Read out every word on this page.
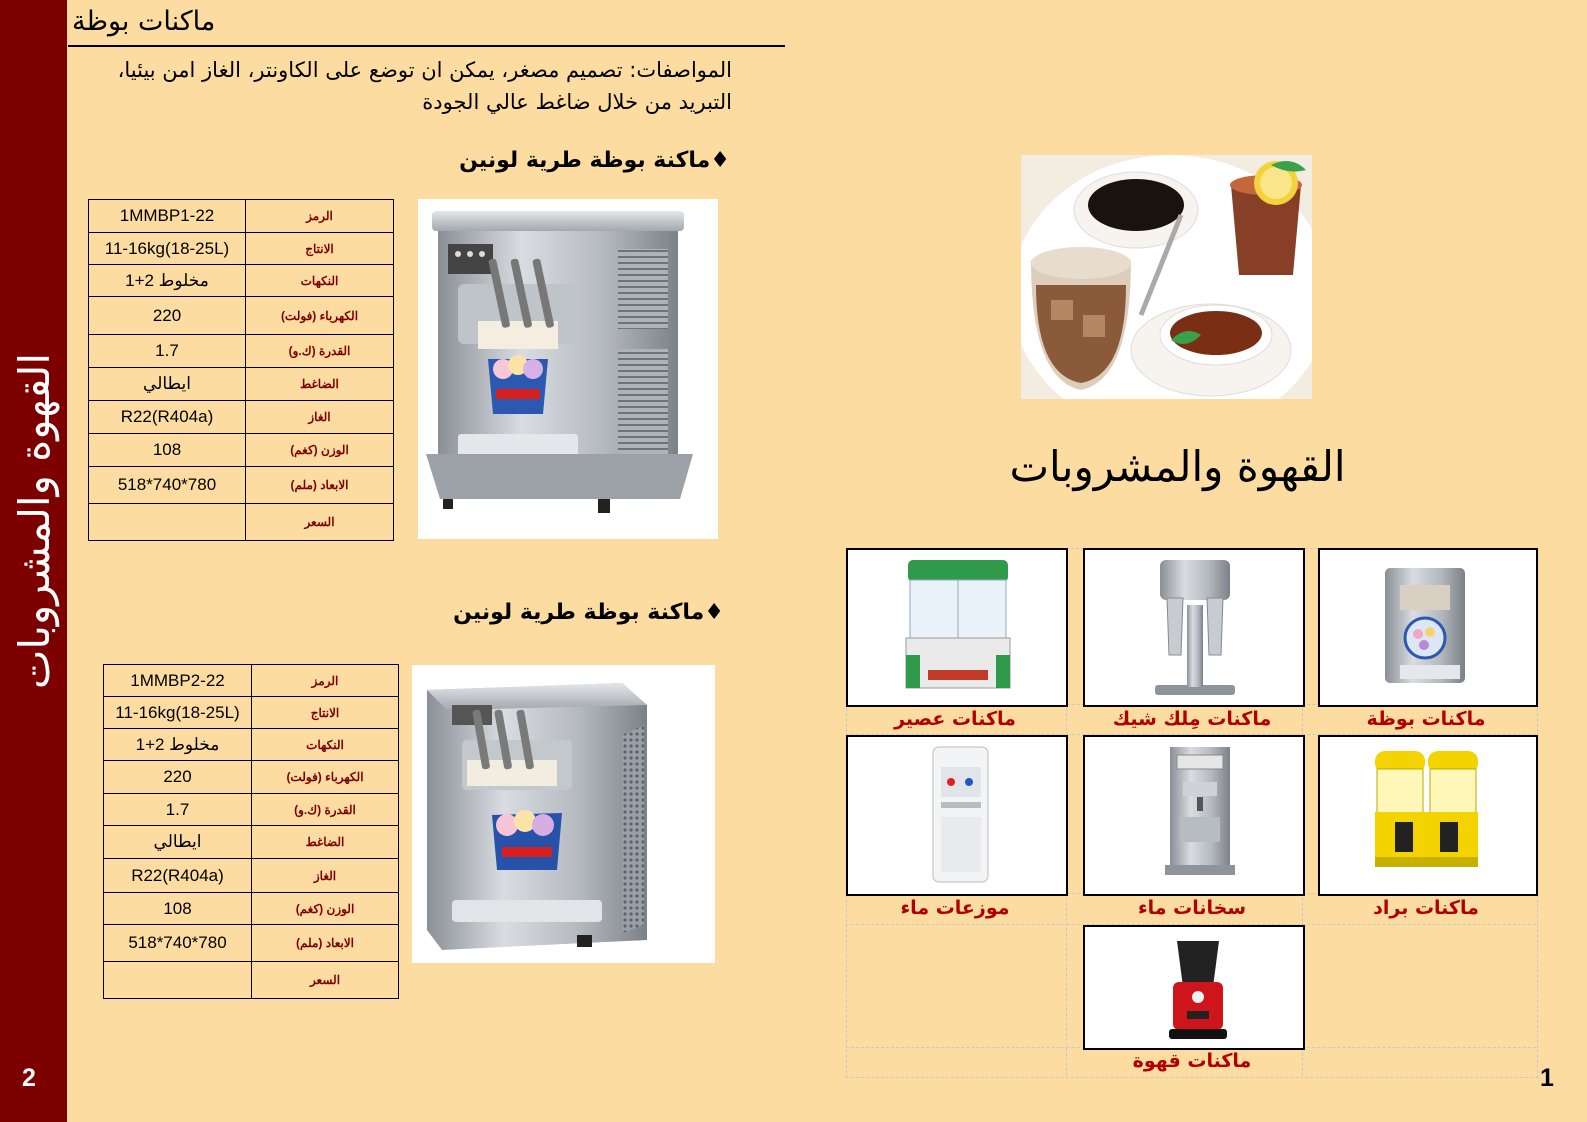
القهوة والمشروبات
2	1
ماكنات بوظة
المواصفات: تصميم مصغر، يمكن ان توضع على الكاونتر، الغاز امن بيئيا، التبريد من خلال ضاغط عالي الجودة
♦ماكنة بوظة طرية لونين
1MMBP1-22	الرمز
11-16kg(18-25L)	الانتاج
1+2 مخلوط	النكهات
220	الكهرباء (فولت)
1.7	القدرة (ك.و)
ايطالي	الضاغط
R22(R404a)	الغاز
108	الوزن (كغم)
518*740*780	الابعاد (ملم)
	السعر
♦ماكنة بوظة طرية لونين
1MMBP2-22	الرمز
11-16kg(18-25L)	الانتاج
1+2 مخلوط	النكهات
220	الكهرباء (فولت)
1.7	القدرة (ك.و)
ايطالي	الضاغط
R22(R404a)	الغاز
108	الوزن (كغم)
518*740*780	الابعاد (ملم)
	السعر
القهوة والمشروبات
ماكنات بوظة
ماكنات مِلك شيك
ماكنات عصير
ماكنات براد
سخانات ماء
موزعات ماء
ماكنات قهوة
